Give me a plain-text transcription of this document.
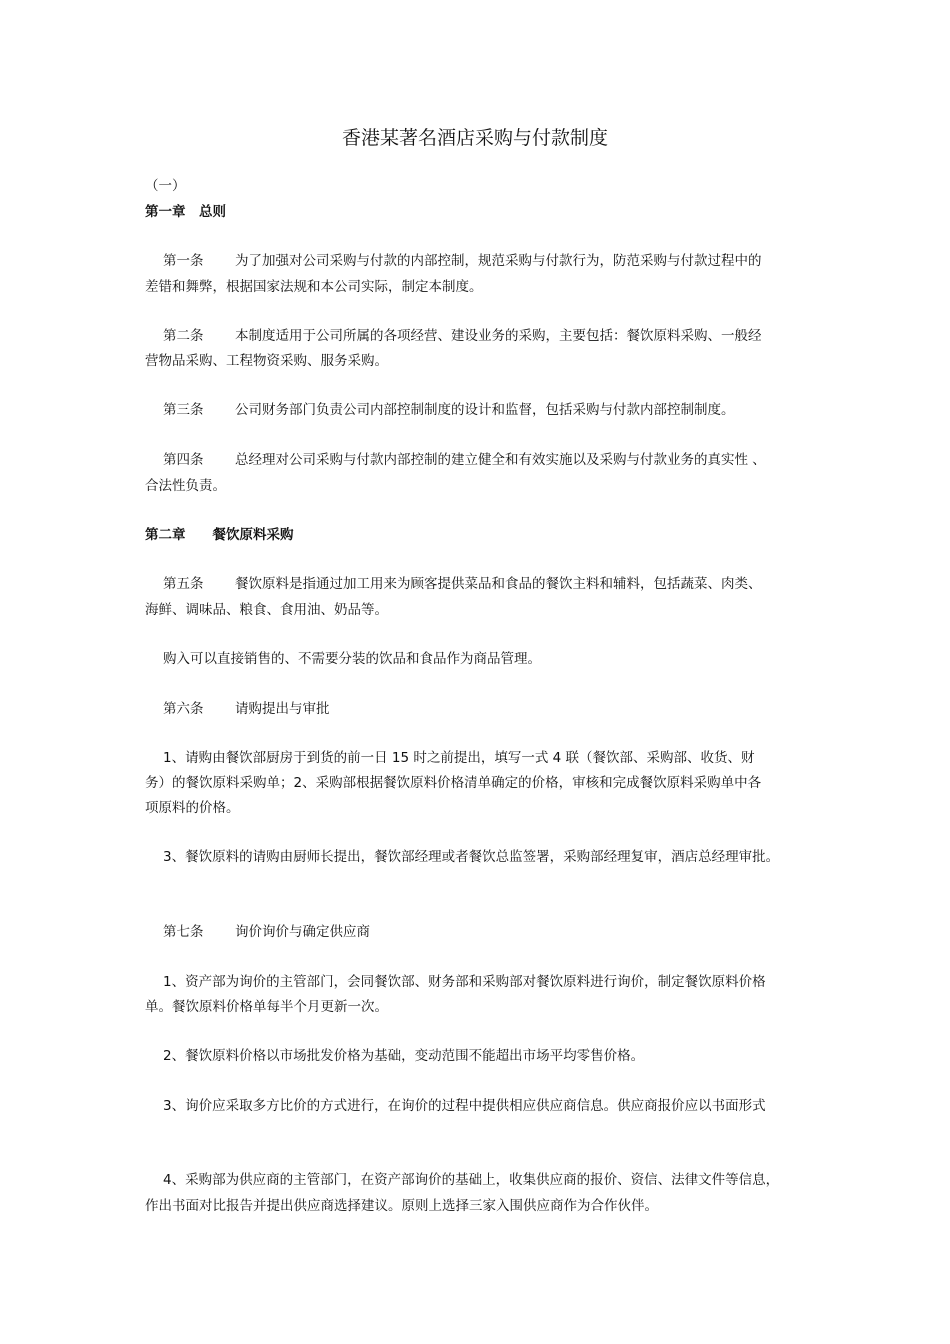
香港某著名酒店采购与付款制度
（一）
第一章　总则
第一条 为了加强对公司采购与付款的内部控制，规范采购与付款行为，防范采购与付款过程中的
差错和舞弊，根据国家法规和本公司实际，制定本制度。
第二条 本制度适用于公司所属的各项经营、建设业务的采购，主要包括：餐饮原料采购、一般经
营物品采购、工程物资采购、服务采购。
第三条 公司财务部门负责公司内部控制制度的设计和监督，包括采购与付款内部控制制度。
第四条 总经理对公司采购与付款内部控制的建立健全和有效实施以及采购与付款业务的真实性 、
合法性负责。
第二章　　餐饮原料采购
第五条 餐饮原料是指通过加工用来为顾客提供菜品和食品的餐饮主料和辅料，包括蔬菜、肉类、
海鲜、调味品、粮食、食用油、奶品等。
购入可以直接销售的、不需要分装的饮品和食品作为商品管理。
第六条 请购提出与审批
1、请购由餐饮部厨房于到货的前一日 15 时之前提出，填写一式 4 联（餐饮部、采购部、收货、财
务）的餐饮原料采购单；2、采购部根据餐饮原料价格清单确定的价格，审核和完成餐饮原料采购单中各
项原料的价格。
3、餐饮原料的请购由厨师长提出，餐饮部经理或者餐饮总监签署，采购部经理复审，酒店总经理审批。
第七条 询价询价与确定供应商
1、资产部为询价的主管部门，会同餐饮部、财务部和采购部对餐饮原料进行询价，制定餐饮原料价格
单。餐饮原料价格单每半个月更新一次。
2、餐饮原料价格以市场批发价格为基础，变动范围不能超出市场平均零售价格。
3、询价应采取多方比价的方式进行，在询价的过程中提供相应供应商信息。供应商报价应以书面形式
4、采购部为供应商的主管部门，在资产部询价的基础上，收集供应商的报价、资信、法律文件等信息，
作出书面对比报告并提出供应商选择建议。原则上选择三家入围供应商作为合作伙伴。
